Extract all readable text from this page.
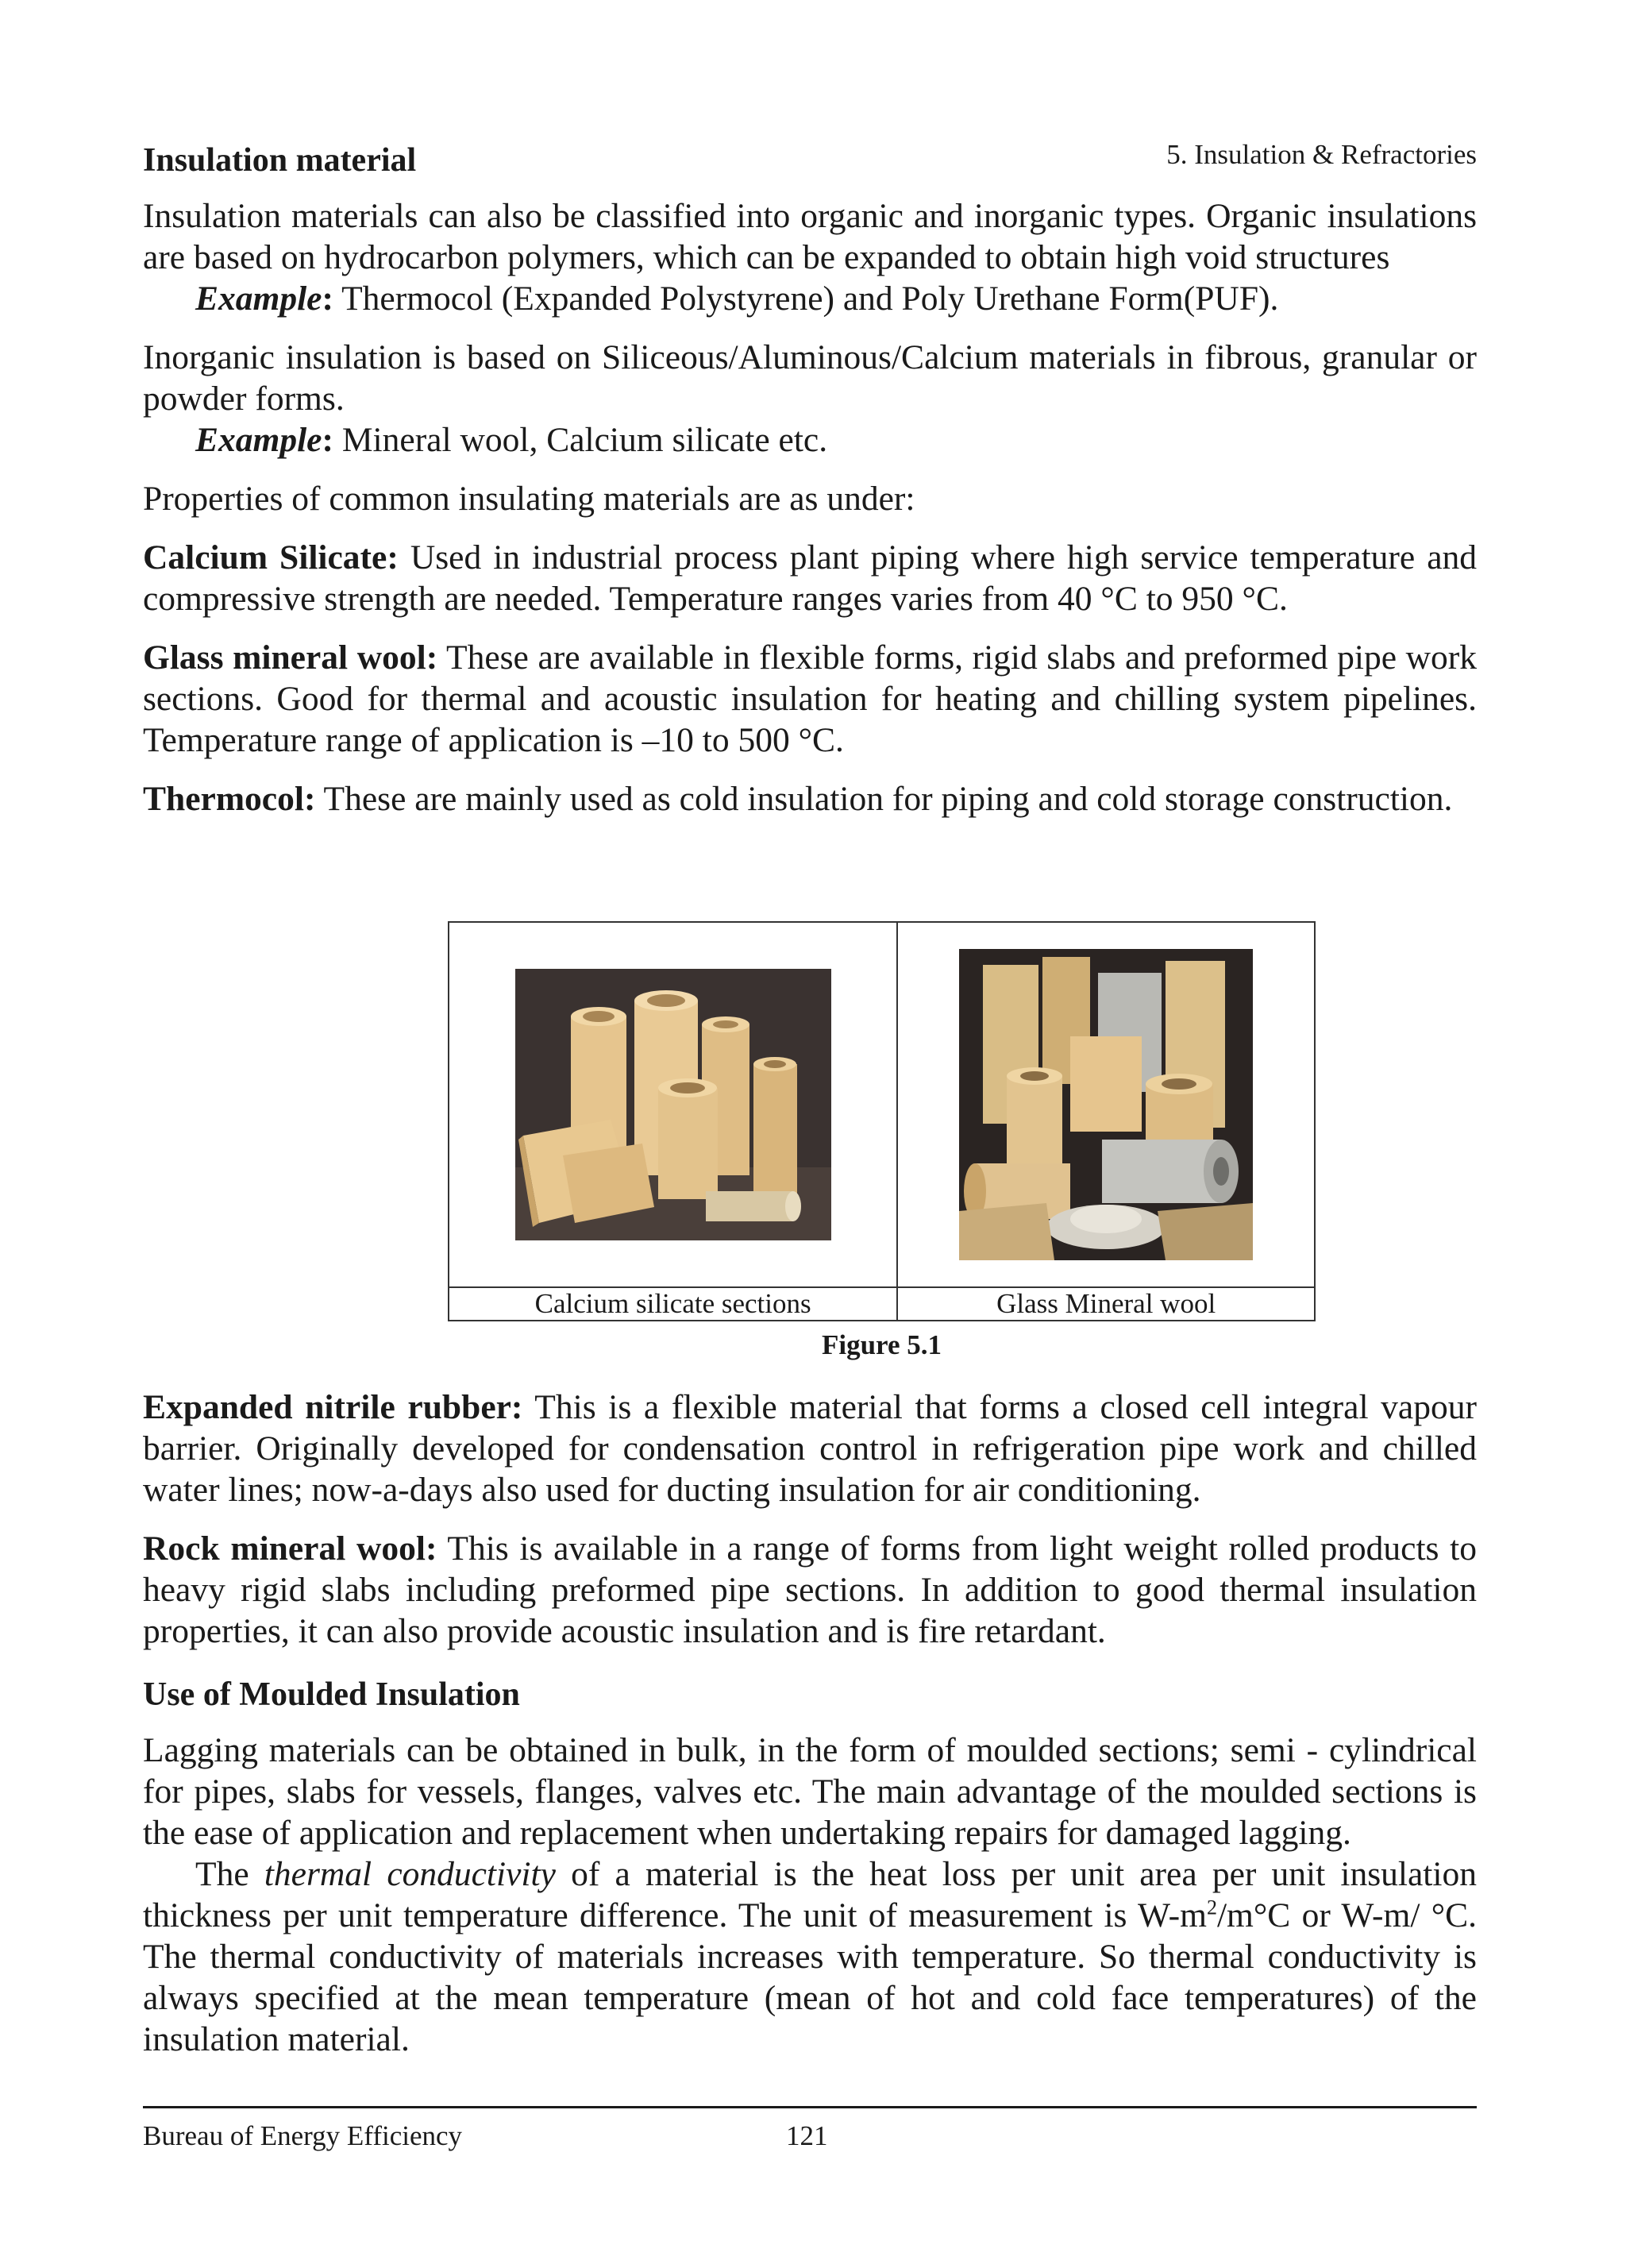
5. Insulation & Refractories
Insulation material

Insulation materials can also be classified into organic and inorganic types. Organic insulations are based on hydrocarbon polymers, which can be expanded to obtain high void structures

Example: Thermocol (Expanded Polystyrene) and Poly Urethane Form(PUF).

Inorganic insulation is based on Siliceous/Aluminous/Calcium materials in fibrous, granular or powder forms.

Example: Mineral wool, Calcium silicate etc.

Properties of common insulating materials are as under:

Calcium Silicate: Used in industrial process plant piping where high service temperature and compressive strength are needed. Temperature ranges varies from 40 °C to 950 °C.

Glass mineral wool: These are available in flexible forms, rigid slabs and preformed pipe work sections. Good for thermal and acoustic insulation for heating and chilling system pipelines. Temperature range of application is –10 to 500 °C.

Thermocol: These are mainly used as cold insulation for piping and cold storage construction.

Calcium silicate sections	Glass Mineral wool
Figure 5.1

Expanded nitrile rubber: This is a flexible material that forms a closed cell integral vapour barrier. Originally developed for condensation control in refrigeration pipe work and chilled water lines; now-a-days also used for ducting insulation for air conditioning.

Rock mineral wool: This is available in a range of forms from light weight rolled products to heavy rigid slabs including preformed pipe sections. In addition to good thermal insulation properties, it can also provide acoustic insulation and is fire retardant.

Use of Moulded Insulation

Lagging materials can be obtained in bulk, in the form of moulded sections; semi - cylindrical for pipes, slabs for vessels, flanges, valves etc. The main advantage of the moulded sections is the ease of application and replacement when undertaking repairs for damaged lagging.

The thermal conductivity of a material is the heat loss per unit area per unit insulation thickness per unit temperature difference. The unit of measurement is $W-m^2/m^\circ C$ or W-m/ °C. The thermal conductivity of materials increases with temperature. So thermal conductivity is always specified at the mean temperature (mean of hot and cold face temperatures) of the insulation material.

Bureau of Energy Efficiency	121
